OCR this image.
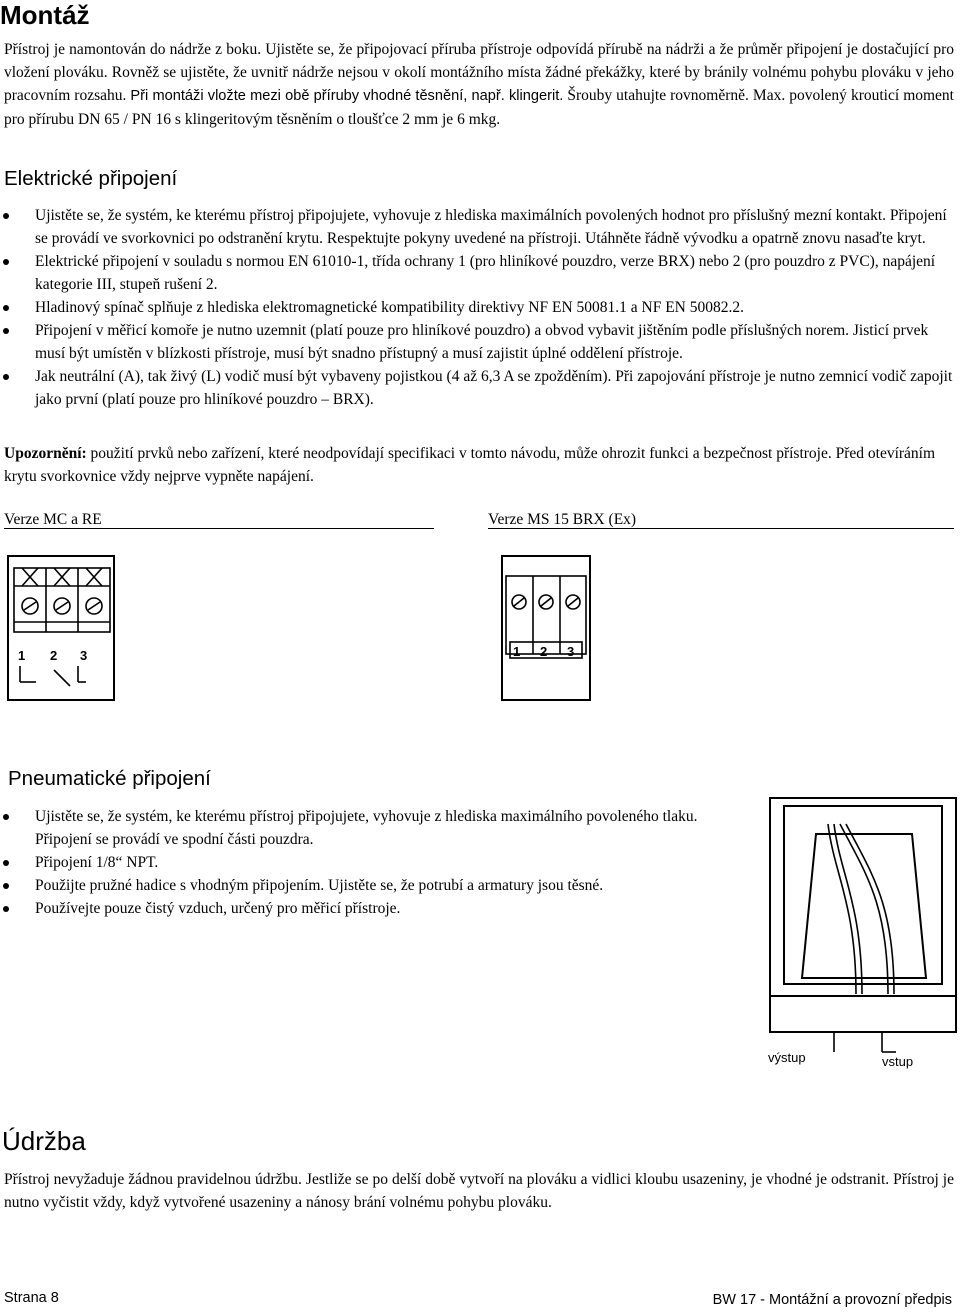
Montáž
Přístroj je namontován do nádrže z boku. Ujistěte se, že připojovací příruba přístroje odpovídá přírubě na nádrži a že průměr připojení je dostačující pro vložení plováku. Rovněž se ujistěte, že uvnitř nádrže nejsou v okolí montážního místa žádné překážky, které by bránily volnému pohybu plováku v jeho pracovním rozsahu. Při montáži vložte mezi obě příruby vhodné těsnění, např. klingerit. Šrouby utahujte rovnoměrně. Max. povolený krouticí moment pro přírubu DN 65 / PN 16 s klingeritovým těsněním o tloušťce 2 mm je 6 mkg.
Elektrické připojení
Ujistěte se, že systém, ke kterému přístroj připojujete, vyhovuje z hlediska maximálních povolených hodnot pro příslušný mezní kontakt. Připojení se provádí ve svorkovnici po odstranění krytu. Respektujte pokyny uvedené na přístroji. Utáhněte řádně vývodku a opatrně znovu nasaďte kryt.
Elektrické připojení v souladu s normou EN 61010-1, třída ochrany 1 (pro hliníkové pouzdro, verze BRX) nebo 2 (pro pouzdro z PVC), napájení kategorie III, stupeň rušení 2.
Hladinový spínač splňuje z hlediska elektromagnetické kompatibility direktivy NF EN 50081.1 a NF EN 50082.2.
Připojení v měřicí komoře je nutno uzemnit (platí pouze pro hliníkové pouzdro) a obvod vybavit jištěním podle příslušných norem. Jisticí prvek musí být umístěn v blízkosti přístroje, musí být snadno přístupný a musí zajistit úplné oddělení přístroje.
Jak neutrální (A), tak živý (L) vodič musí být vybaveny pojistkou (4 až 6,3 A se zpožděním). Při zapojování přístroje je nutno zemnicí vodič zapojit jako první (platí pouze pro hliníkové pouzdro – BRX).
Upozornění: použití prvků nebo zařízení, které neodpovídají specifikaci v tomto návodu, může ohrozit funkci a bezpečnost přístroje. Před otevíráním krytu svorkovnice vždy nejprve vypněte napájení.
Verze MC a RE	Verze MS 15 BRX (Ex)
1 2 3	1 2 3
Pneumatické připojení
Ujistěte se, že systém, ke kterému přístroj připojujete, vyhovuje z hlediska maximálního povoleného tlaku. Připojení se provádí ve spodní části pouzdra.
Připojení 1/8“ NPT.
Použijte pružné hadice s vhodným připojením. Ujistěte se, že potrubí a armatury jsou těsné.
Používejte pouze čistý vzduch, určený pro měřicí přístroje.
výstup	vstup
Údržba
Přístroj nevyžaduje žádnou pravidelnou údržbu. Jestliže se po delší době vytvoří na plováku a vidlici kloubu usazeniny, je vhodné je odstranit. Přístroj je nutno vyčistit vždy, když vytvořené usazeniny a nánosy brání volnému pohybu plováku.
Strana 8	BW 17 - Montážní a provozní předpis
